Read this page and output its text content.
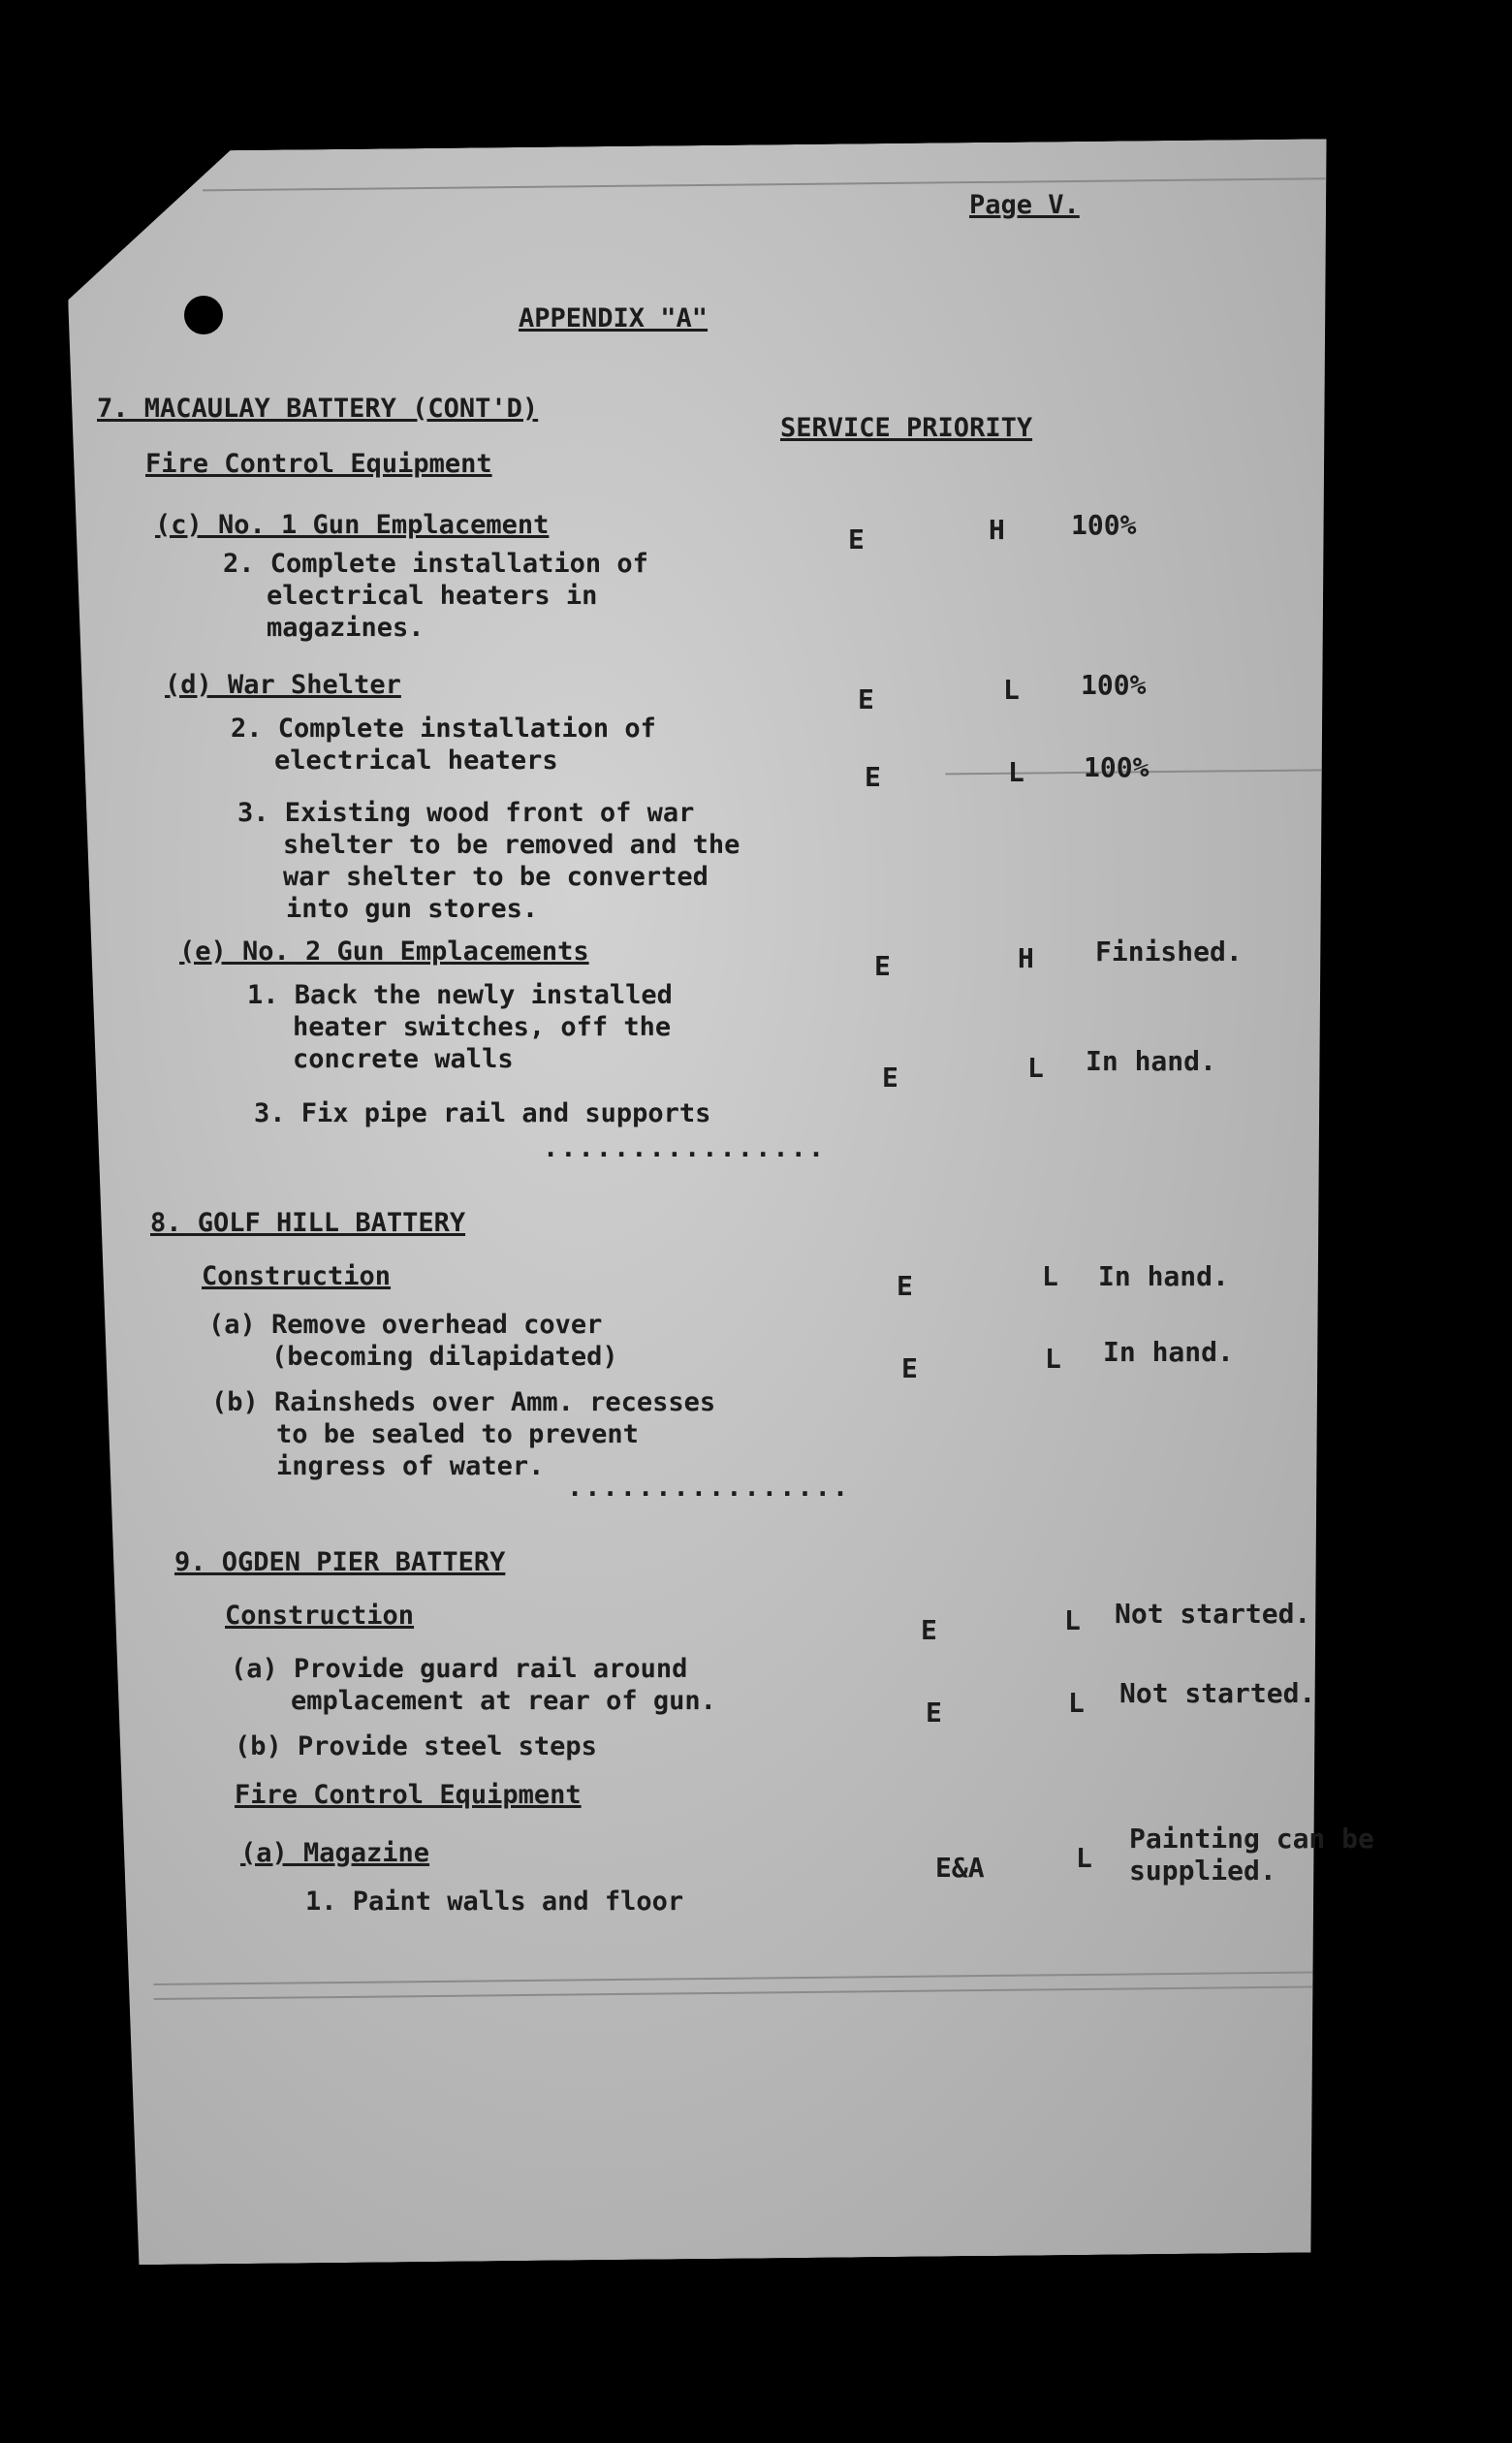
Page V.
APPENDIX "A"
7. MACAULAY BATTERY (CONT'D)
SERVICE PRIORITY
Fire Control Equipment
(c) No. 1 Gun Emplacement
2. Complete installation of
electrical heaters in
magazines.
E	H 100%
(d) War Shelter
2. Complete installation of
electrical heaters
E	L 100%
3. Existing wood front of war
shelter to be removed and the
war shelter to be converted
into gun stores.
E	L 100%
(e) No. 2 Gun Emplacements
1. Back the newly installed
heater switches, off the
concrete walls
E	H Finished.
3. Fix pipe rail and supports
E	L In hand.
................
8. GOLF HILL BATTERY
Construction
(a) Remove overhead cover
(becoming dilapidated)
E	L In hand.
(b) Rainsheds over Amm. recesses
to be sealed to prevent
ingress of water.
E	L In hand.
................
9. OGDEN PIER BATTERY
Construction
(a) Provide guard rail around
emplacement at rear of gun.
E	L Not started.
(b) Provide steel steps
E	L Not started.
Fire Control Equipment
(a) Magazine
1. Paint walls and floor
E&A	L
Painting can be
supplied.
